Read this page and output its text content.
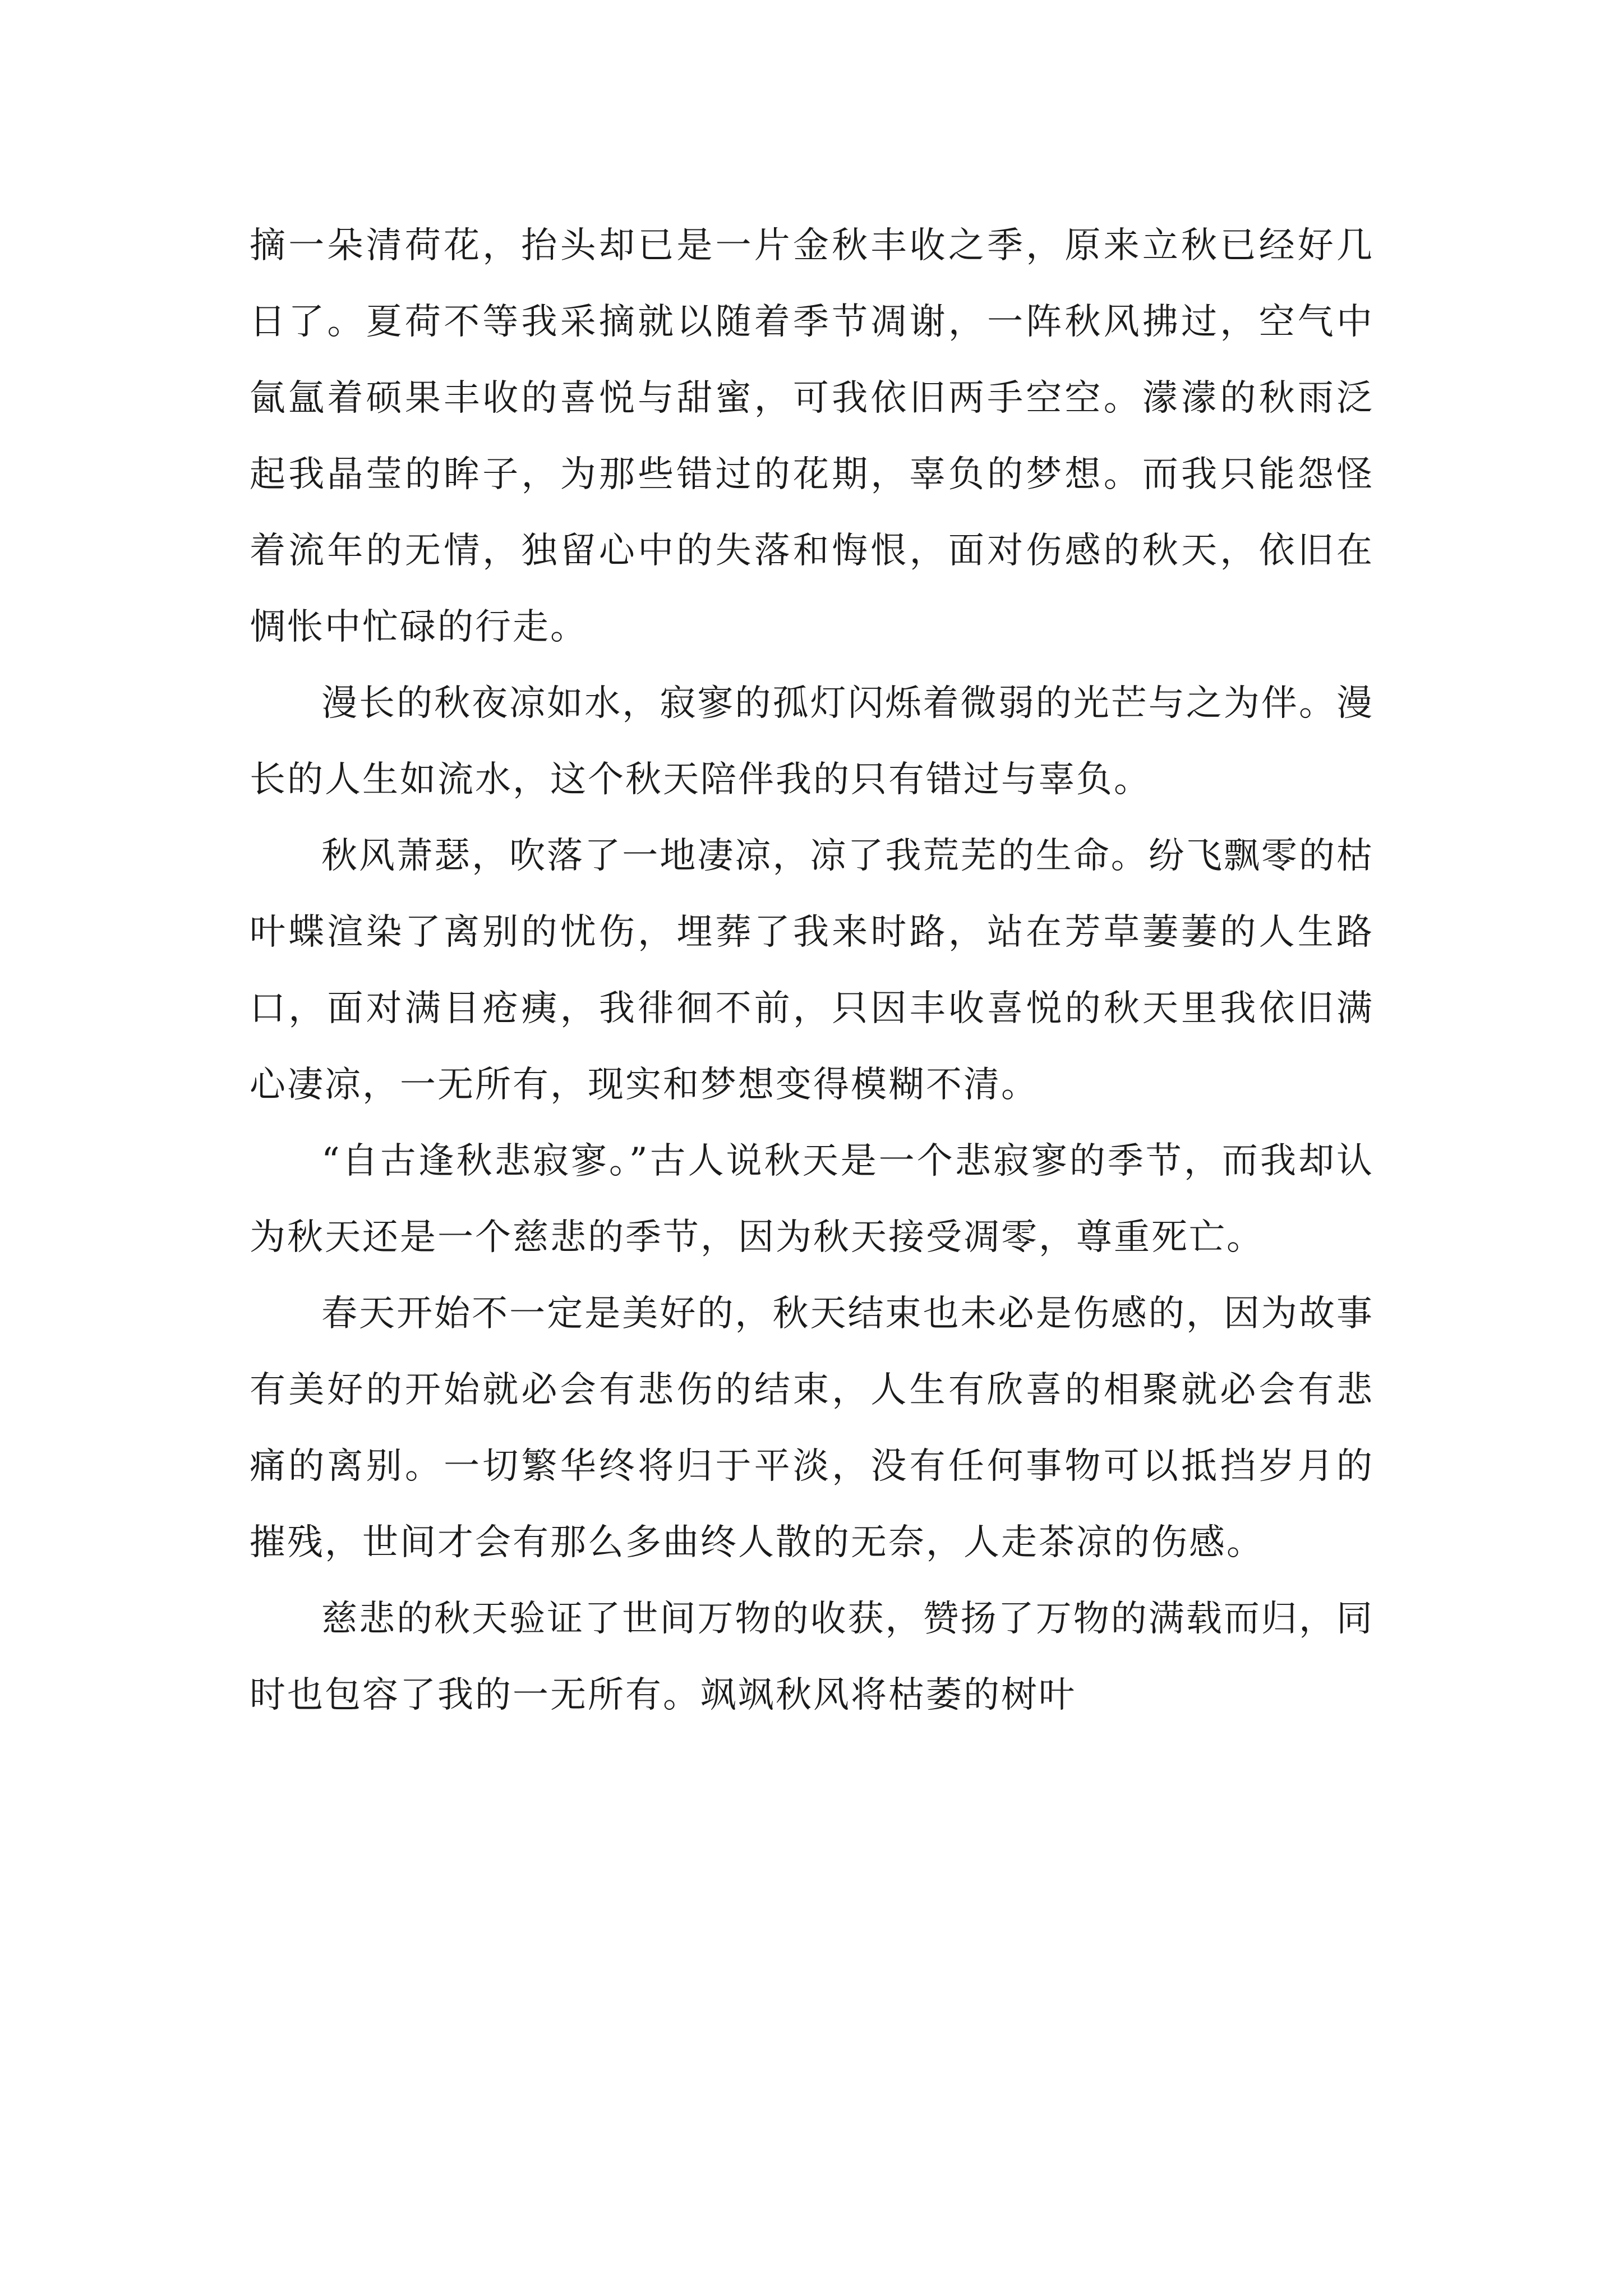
摘一朵清荷花，抬头却已是一片金秋丰收之季，原来立秋已经好几日了。夏荷不等我采摘就以随着季节凋谢，一阵秋风拂过，空气中氤氲着硕果丰收的喜悦与甜蜜，可我依旧两手空空。濛濛的秋雨泛起我晶莹的眸子，为那些错过的花期，辜负的梦想。而我只能怨怪着流年的无情，独留心中的失落和悔恨，面对伤感的秋天，依旧在惆怅中忙碌的行走。

漫长的秋夜凉如水，寂寥的孤灯闪烁着微弱的光芒与之为伴。漫长的人生如流水，这个秋天陪伴我的只有错过与辜负。

秋风萧瑟，吹落了一地凄凉，凉了我荒芜的生命。纷飞飘零的枯叶蝶渲染了离别的忧伤，埋葬了我来时路，站在芳草萋萋的人生路口，面对满目疮痍，我徘徊不前，只因丰收喜悦的秋天里我依旧满心凄凉，一无所有，现实和梦想变得模糊不清。

“自古逢秋悲寂寥。”古人说秋天是一个悲寂寥的季节，而我却认为秋天还是一个慈悲的季节，因为秋天接受凋零，尊重死亡。

春天开始不一定是美好的，秋天结束也未必是伤感的，因为故事有美好的开始就必会有悲伤的结束，人生有欣喜的相聚就必会有悲痛的离别。一切繁华终将归于平淡，没有任何事物可以抵挡岁月的摧残，世间才会有那么多曲终人散的无奈，人走茶凉的伤感。

慈悲的秋天验证了世间万物的收获，赞扬了万物的满载而归，同时也包容了我的一无所有。飒飒秋风将枯萎的树叶
